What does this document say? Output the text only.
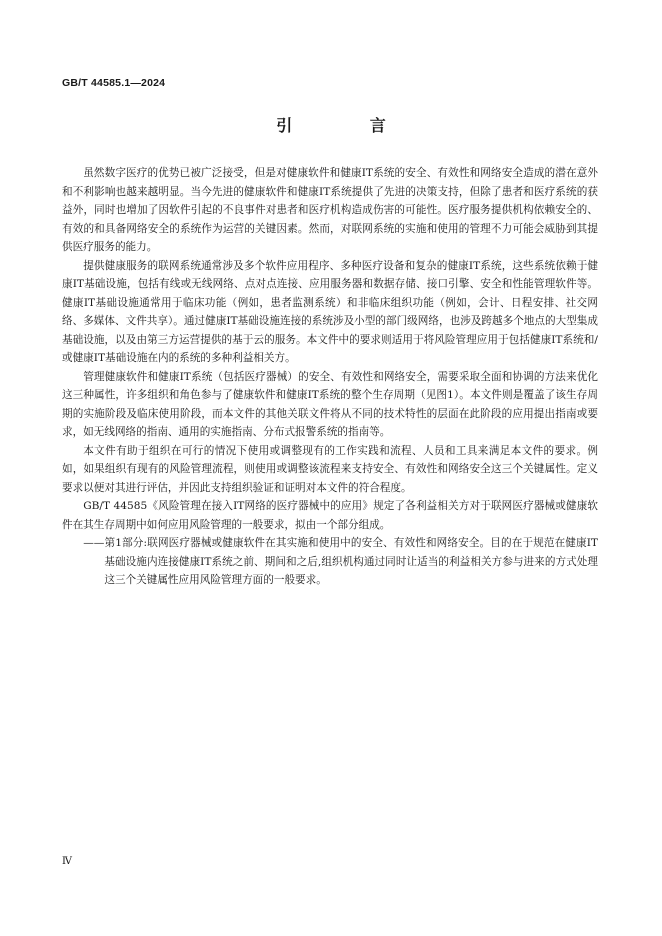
GB/T 44585.1—2024
引 言

虽然数字医疗的优势已被广泛接受，但是对健康软件和健康IT系统的安全、有效性和网络安全造成的潜在意外和不利影响也越来越明显。当今先进的健康软件和健康IT系统提供了先进的决策支持，但除了患者和医疗系统的获益外，同时也增加了因软件引起的不良事件对患者和医疗机构造成伤害的可能性。医疗服务提供机构依赖安全的、有效的和具备网络安全的系统作为运营的关键因素。然而，对联网系统的实施和使用的管理不力可能会威胁到其提供医疗服务的能力。

提供健康服务的联网系统通常涉及多个软件应用程序、多种医疗设备和复杂的健康IT系统，这些系统依赖于健康IT基础设施，包括有线或无线网络、点对点连接、应用服务器和数据存储、接口引擎、安全和性能管理软件等。健康IT基础设施通常用于临床功能（例如，患者监测系统）和非临床组织功能（例如，会计、日程安排、社交网络、多媒体、文件共享）。通过健康IT基础设施连接的系统涉及小型的部门级网络，也涉及跨越多个地点的大型集成基础设施，以及由第三方运营提供的基于云的服务。本文件中的要求则适用于将风险管理应用于包括健康IT系统和/或健康IT基础设施在内的系统的多种利益相关方。

管理健康软件和健康IT系统（包括医疗器械）的安全、有效性和网络安全，需要采取全面和协调的方法来优化这三种属性，许多组织和角色参与了健康软件和健康IT系统的整个生存周期（见图1）。本文件则是覆盖了该生存周期的实施阶段及临床使用阶段，而本文件的其他关联文件将从不同的技术特性的层面在此阶段的应用提出指南或要求，如无线网络的指南、通用的实施指南、分布式报警系统的指南等。

本文件有助于组织在可行的情况下使用或调整现有的工作实践和流程、人员和工具来满足本文件的要求。例如，如果组织有现有的风险管理流程，则使用或调整该流程来支持安全、有效性和网络安全这三个关键属性。定义要求以便对其进行评估，并因此支持组织验证和证明对本文件的符合程度。

GB/T 44585《风险管理在接入IT网络的医疗器械中的应用》规定了各利益相关方对于联网医疗器械或健康软件在其生存周期中如何应用风险管理的一般要求，拟由一个部分组成。

——第1部分:联网医疗器械或健康软件在其实施和使用中的安全、有效性和网络安全。目的在于规范在健康IT基础设施内连接健康IT系统之前、期间和之后,组织机构通过同时让适当的利益相关方参与进来的方式处理这三个关键属性应用风险管理方面的一般要求。

Ⅳ
